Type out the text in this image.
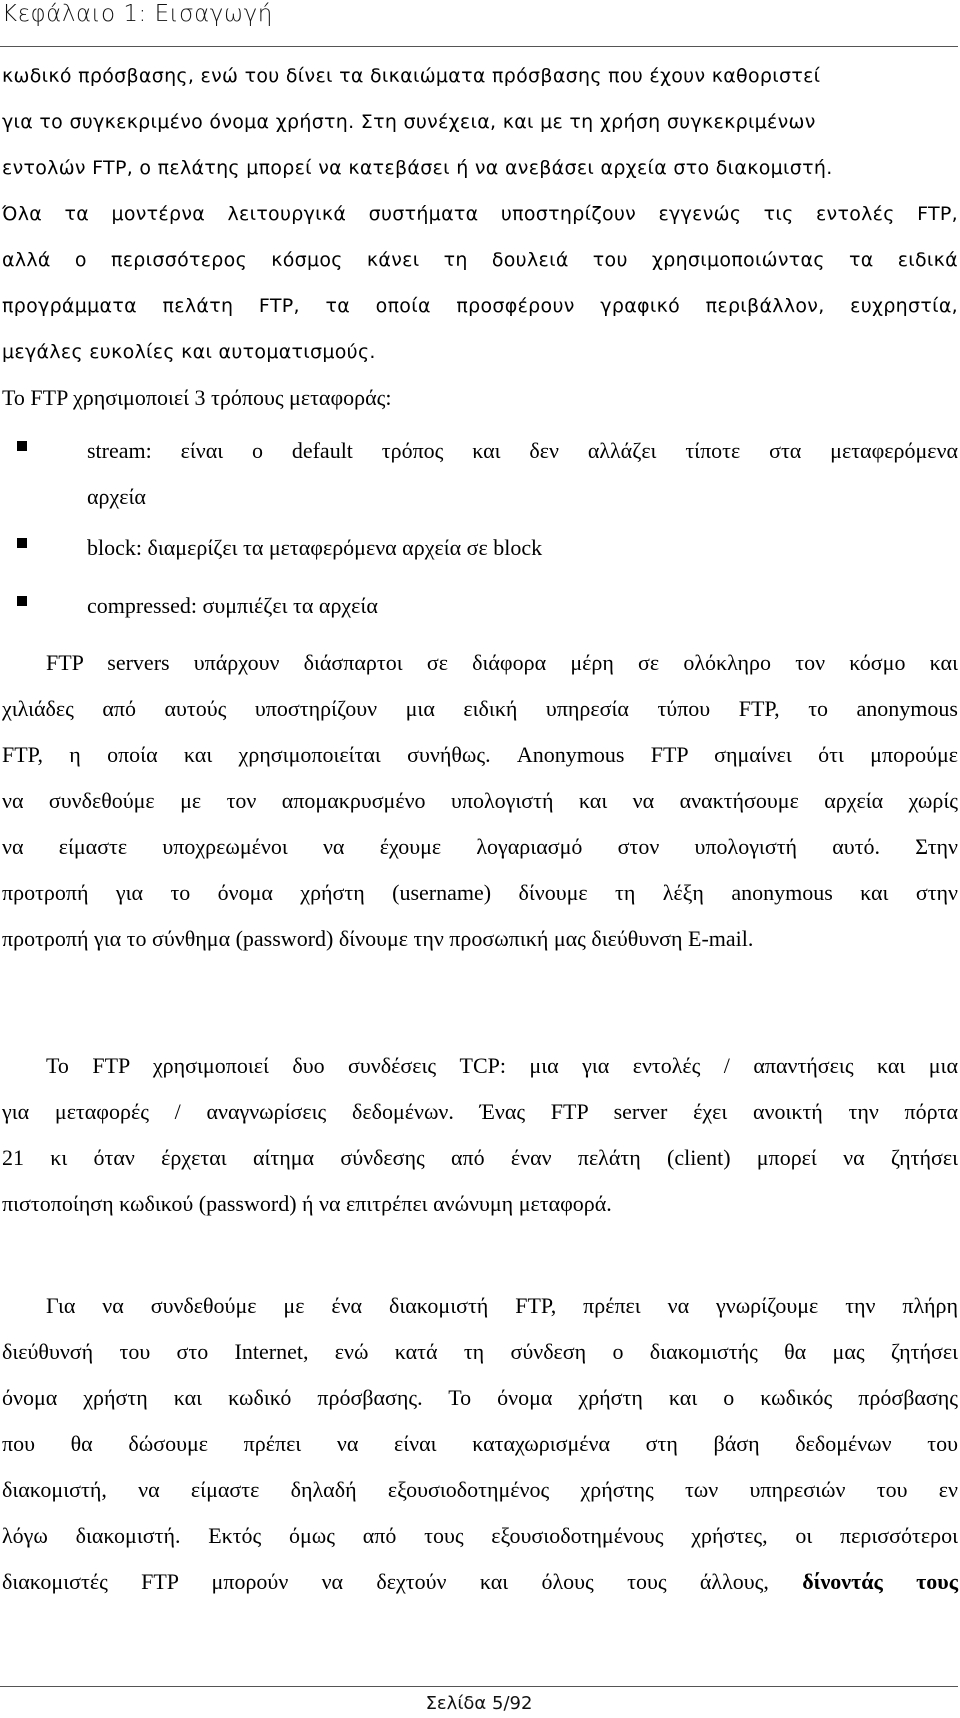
Κεφάλαιο 1: Εισαγωγή
κωδικό πρόσβασης, ενώ του δίνει τα δικαιώματα πρόσβασης που έχουν καθοριστεί
για το συγκεκριμένο όνομα χρήστη. Στη συνέχεια, και με τη χρήση συγκεκριμένων
εντολών FTP, ο πελάτης μπορεί να κατεβάσει ή να ανεβάσει αρχεία στο διακομιστή.
Όλα τα μοντέρνα λειτουργικά συστήματα υποστηρίζουν εγγενώς τις εντολές FTP,
αλλά ο περισσότερος κόσμος κάνει τη δουλειά του χρησιμοποιώντας τα ειδικά
προγράμματα πελάτη FTP, τα οποία προσφέρουν γραφικό περιβάλλον, ευχρηστία,
μεγάλες ευκολίες και αυτοματισμούς.
Το FTP χρησιμοποιεί 3 τρόπους μεταφοράς:
stream: είναι ο default τρόπος και δεν αλλάζει τίποτε στα μεταφερόμενα
αρχεία
block: διαμερίζει τα μεταφερόμενα αρχεία σε block
compressed: συμπιέζει τα αρχεία
FTP servers υπάρχουν διάσπαρτοι σε διάφορα μέρη σε ολόκληρο τον κόσμο και
χιλιάδες από αυτούς υποστηρίζουν μια ειδική υπηρεσία τύπου FTP, το anonymous
FTP, η οποία και χρησιμοποιείται συνήθως. Anonymous FTP σημαίνει ότι μπορούμε
να συνδεθούμε με τον απομακρυσμένο υπολογιστή και να ανακτήσουμε αρχεία χωρίς
να είμαστε υποχρεωμένοι να έχουμε λογαριασμό στον υπολογιστή αυτό. Στην
προτροπή για το όνομα χρήστη (username) δίνουμε τη λέξη anonymous και στην
προτροπή για το σύνθημα (password) δίνουμε την προσωπική μας διεύθυνση E-mail.
Το FTP χρησιμοποιεί δυο συνδέσεις TCP: μια για εντολές / απαντήσεις και μια
για μεταφορές / αναγνωρίσεις δεδομένων. Ένας FTP server έχει ανοικτή την πόρτα
21 κι όταν έρχεται αίτημα σύνδεσης από έναν πελάτη (client) μπορεί να ζητήσει
πιστοποίηση κωδικού (password) ή να επιτρέπει ανώνυμη μεταφορά.
Για να συνδεθούμε με ένα διακομιστή FTP, πρέπει να γνωρίζουμε την πλήρη
διεύθυνσή του στο Internet, ενώ κατά τη σύνδεση ο διακομιστής θα μας ζητήσει
όνομα χρήστη και κωδικό πρόσβασης. Το όνομα χρήστη και ο κωδικός πρόσβασης
που θα δώσουμε πρέπει να είναι καταχωρισμένα στη βάση δεδομένων του
διακομιστή, να είμαστε δηλαδή εξουσιοδοτημένος χρήστης των υπηρεσιών του εν
λόγω διακομιστή. Εκτός όμως από τους εξουσιοδοτημένους χρήστες, οι περισσότεροι
διακομιστές FTP μπορούν να δεχτούν και όλους τους άλλους, δίνοντάς τους
Σελίδα 5/92
